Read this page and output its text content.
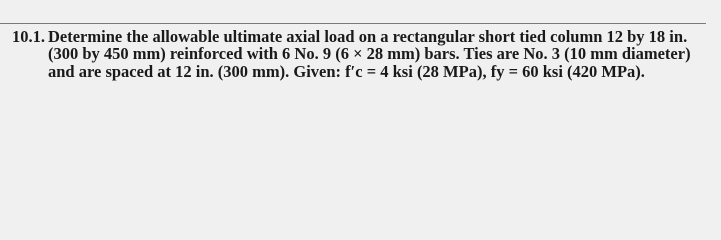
10.1. Determine the allowable ultimate axial load on a rectangular short tied column 12 by 18 in.
(300 by 450 mm) reinforced with 6 No. 9 (6 × 28 mm) bars. Ties are No. 3 (10 mm diameter)
and are spaced at 12 in. (300 mm). Given: f′c = 4 ksi (28 MPa), fy = 60 ksi (420 MPa).
